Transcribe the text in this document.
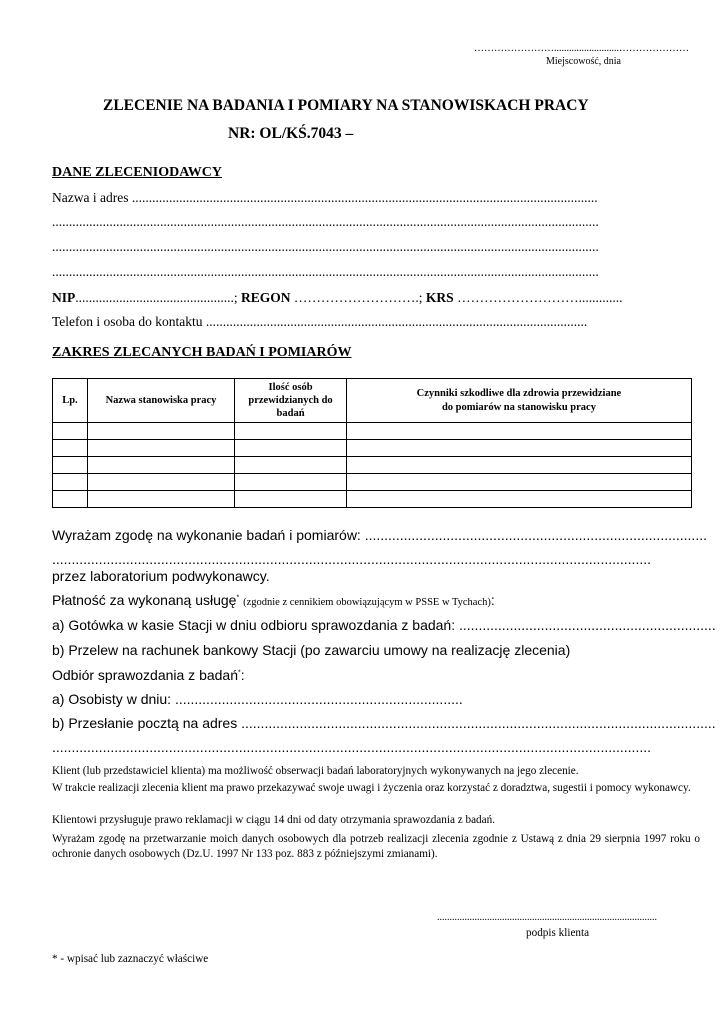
……………………..........................…………………
Miejscowość, dnia
ZLECENIE NA BADANIA I POMIARY NA STANOWISKACH PRACY
NR: OL/KŚ.7043 –
DANE ZLECENIODAWCY
Nazwa i adres ..........................................................................................................................................
..................................................................................................................................................................
..................................................................................................................................................................
..................................................................................................................................................................
NIP...............................................; REGON ……………………….; KRS ……………………….............
Telefon i osoba do kontaktu .................................................................................................................
ZAKRES ZLECANYCH BADAŃ I POMIARÓW
Lp.	Nazwa stanowiska pracy	Ilość osób przewidzianych do badań	Czynniki szkodliwe dla zdrowia przewidziane
do pomiarów na stanowisku pracy

Wyrażam zgodę na wykonanie badań i pomiarów: ........................................................................................
..........................................................................................................................................................
przez laboratorium podwykonawcy.
Płatność za wykonaną usługę* (zgodnie z cennikiem obowiązującym w PSSE w Tychach):
a) Gotówka w kasie Stacji w dniu odbioru sprawozdania z badań: ..................................................................
b) Przelew na rachunek bankowy Stacji (po zawarciu umowy na realizację zlecenia)
Odbiór sprawozdania z badań*:
a) Osobisty w dniu: ..........................................................................
b) Przesłanie pocztą na adres ..........................................................................................................................
..........................................................................................................................................................
Klient (lub przedstawiciel klienta) ma możliwość obserwacji badań laboratoryjnych wykonywanych na jego zlecenie.
W trakcie realizacji zlecenia klient ma prawo przekazywać swoje uwagi i życzenia oraz korzystać z doradztwa, sugestii i pomocy wykonawcy.
Klientowi przysługuje prawo reklamacji w ciągu 14 dni od daty otrzymania sprawozdania z badań.
Wyrażam zgodę na przetwarzanie moich danych osobowych dla potrzeb realizacji zlecenia zgodnie z Ustawą z dnia 29 sierpnia 1997 roku o ochronie danych osobowych (Dz.U. 1997 Nr 133 poz. 883 z późniejszymi zmianami).
........................................................................................
podpis klienta
* - wpisać lub zaznaczyć właściwe
